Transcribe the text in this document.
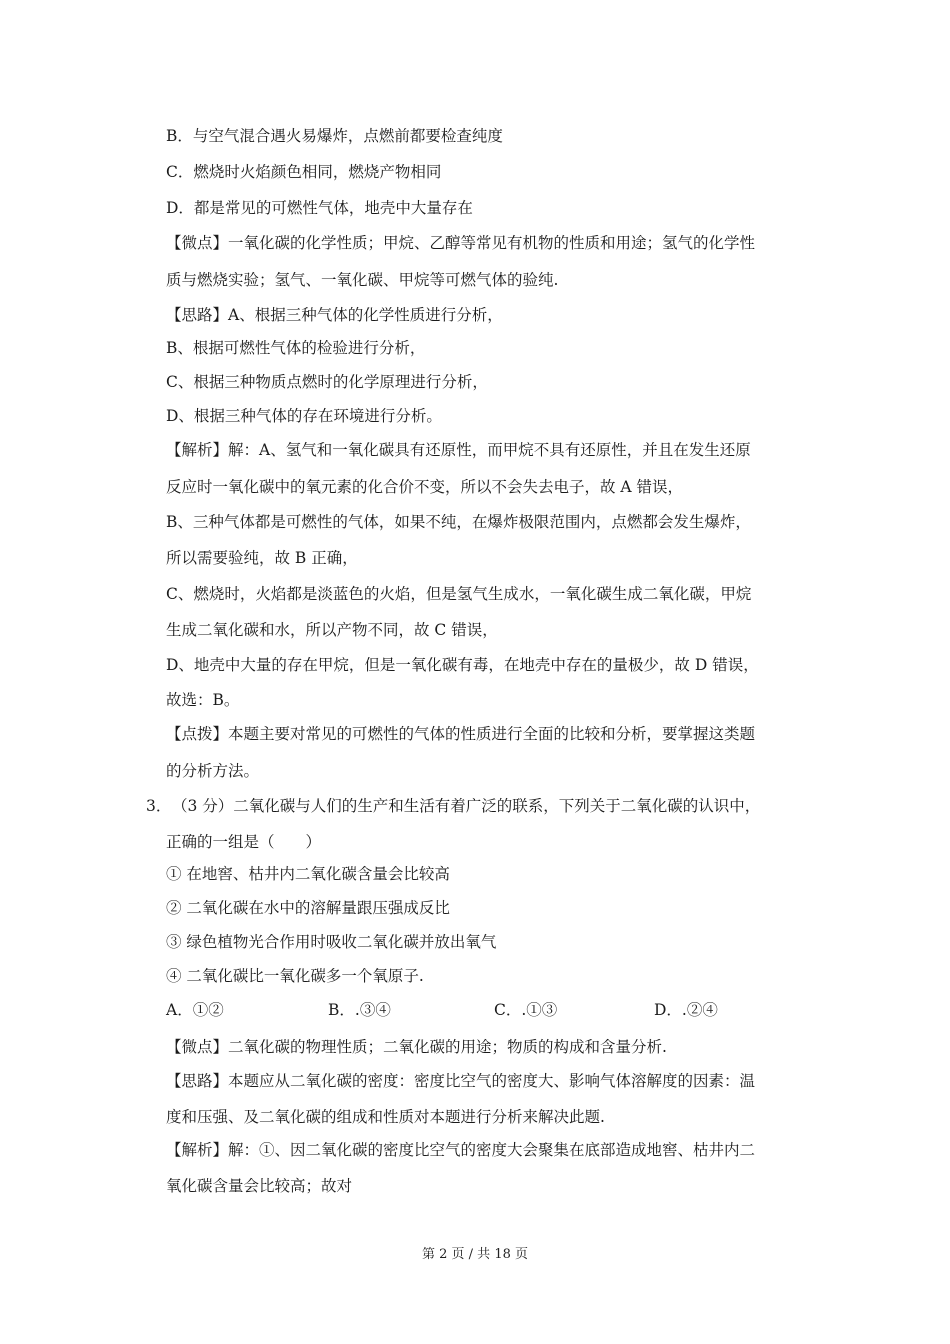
B．与空气混合遇火易爆炸，点燃前都要检查纯度
C．燃烧时火焰颜色相同，燃烧产物相同
D．都是常见的可燃性气体，地壳中大量存在
【微点】一氧化碳的化学性质；甲烷、乙醇等常见有机物的性质和用途；氢气的化学性
质与燃烧实验；氢气、一氧化碳、甲烷等可燃气体的验纯.
【思路】A、根据三种气体的化学性质进行分析，
B、根据可燃性气体的检验进行分析，
C、根据三种物质点燃时的化学原理进行分析，
D、根据三种气体的存在环境进行分析。
【解析】解：A、氢气和一氧化碳具有还原性，而甲烷不具有还原性，并且在发生还原
反应时一氧化碳中的氧元素的化合价不变，所以不会失去电子，故 A 错误，
B、三种气体都是可燃性的气体，如果不纯，在爆炸极限范围内，点燃都会发生爆炸，
所以需要验纯，故 B 正确，
C、燃烧时，火焰都是淡蓝色的火焰，但是氢气生成水，一氧化碳生成二氧化碳，甲烷
生成二氧化碳和水，所以产物不同，故 C 错误，
D、地壳中大量的存在甲烷，但是一氧化碳有毒，在地壳中存在的量极少，故 D 错误，
故选：B。
【点拨】本题主要对常见的可燃性的气体的性质进行全面的比较和分析，要掌握这类题
的分析方法。
3． （3 分）二氧化碳与人们的生产和生活有着广泛的联系，下列关于二氧化碳的认识中，
正确的一组是（　　）
① 在地窖、枯井内二氧化碳含量会比较高
② 二氧化碳在水中的溶解量跟压强成反比
③ 绿色植物光合作用时吸收二氧化碳并放出氧气
④ 二氧化碳比一氧化碳多一个氧原子.
A．①②	B．.③④	C．.①③	D．.②④
【微点】二氧化碳的物理性质；二氧化碳的用途；物质的构成和含量分析.
【思路】本题应从二氧化碳的密度：密度比空气的密度大、影响气体溶解度的因素：温
度和压强、及二氧化碳的组成和性质对本题进行分析来解决此题.
【解析】解：①、因二氧化碳的密度比空气的密度大会聚集在底部造成地窖、枯井内二
氧化碳含量会比较高；故对
第 2 页 / 共 18 页
